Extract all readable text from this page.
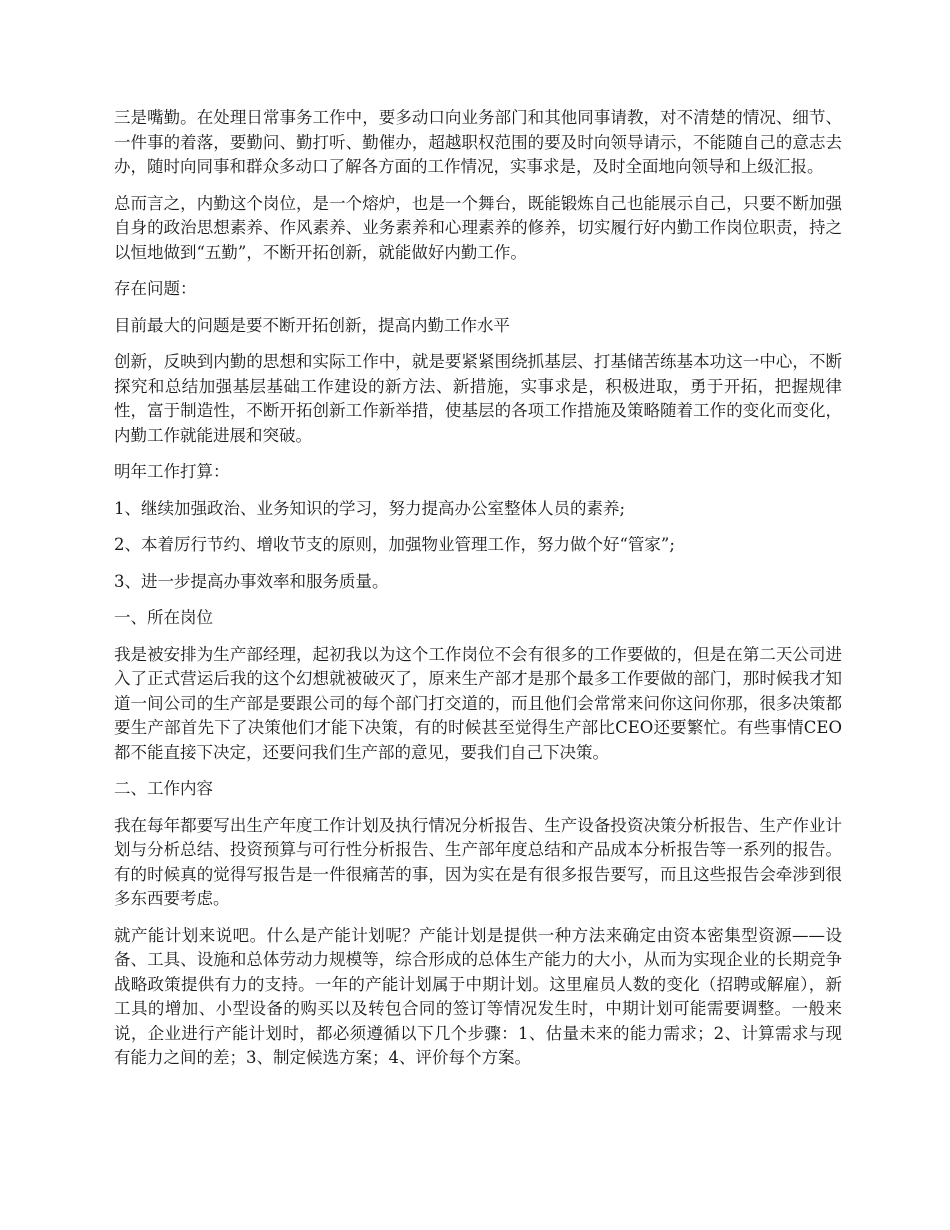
三是嘴勤。在处理日常事务工作中，要多动口向业务部门和其他同事请教，对不清楚的情况、细节、一件事的着落，要勤问、勤打听、勤催办，超越职权范围的要及时向领导请示，不能随自己的意志去办，随时向同事和群众多动口了解各方面的工作情况，实事求是，及时全面地向领导和上级汇报。

总而言之，内勤这个岗位，是一个熔炉，也是一个舞台，既能锻炼自己也能展示自己，只要不断加强自身的政治思想素养、作风素养、业务素养和心理素养的修养，切实履行好内勤工作岗位职责，持之以恒地做到“五勤”，不断开拓创新，就能做好内勤工作。

存在问题：

目前最大的问题是要不断开拓创新，提高内勤工作水平

创新，反映到内勤的思想和实际工作中，就是要紧紧围绕抓基层、打基储苦练基本功这一中心，不断探究和总结加强基层基础工作建设的新方法、新措施，实事求是，积极进取，勇于开拓，把握规律性，富于制造性，不断开拓创新工作新举措，使基层的各项工作措施及策略随着工作的变化而变化，内勤工作就能进展和突破。

明年工作打算：

1、继续加强政治、业务知识的学习，努力提高办公室整体人员的素养;

2、本着厉行节约、增收节支的原则，加强物业管理工作，努力做个好“管家”;

3、进一步提高办事效率和服务质量。

一、所在岗位

我是被安排为生产部经理，起初我以为这个工作岗位不会有很多的工作要做的，但是在第二天公司进入了正式营运后我的这个幻想就被破灭了，原来生产部才是那个最多工作要做的部门，那时候我才知道一间公司的生产部是要跟公司的每个部门打交道的，而且他们会常常来问你这问你那，很多决策都要生产部首先下了决策他们才能下决策，有的时候甚至觉得生产部比CEO还要繁忙。有些事情CEO都不能直接下决定，还要问我们生产部的意见，要我们自己下决策。

二、工作内容

我在每年都要写出生产年度工作计划及执行情况分析报告、生产设备投资决策分析报告、生产作业计划与分析总结、投资预算与可行性分析报告、生产部年度总结和产品成本分析报告等一系列的报告。有的时候真的觉得写报告是一件很痛苦的事，因为实在是有很多报告要写，而且这些报告会牵涉到很多东西要考虑。

就产能计划来说吧。什么是产能计划呢？产能计划是提供一种方法来确定由资本密集型资源——设备、工具、设施和总体劳动力规模等，综合形成的总体生产能力的大小，从而为实现企业的长期竞争战略政策提供有力的支持。一年的产能计划属于中期计划。这里雇员人数的变化（招聘或解雇），新工具的增加、小型设备的购买以及转包合同的签订等情况发生时，中期计划可能需要调整。一般来说，企业进行产能计划时，都必须遵循以下几个步骤：1、估量未来的能力需求；2、计算需求与现有能力之间的差；3、制定候选方案；4、评价每个方案。
